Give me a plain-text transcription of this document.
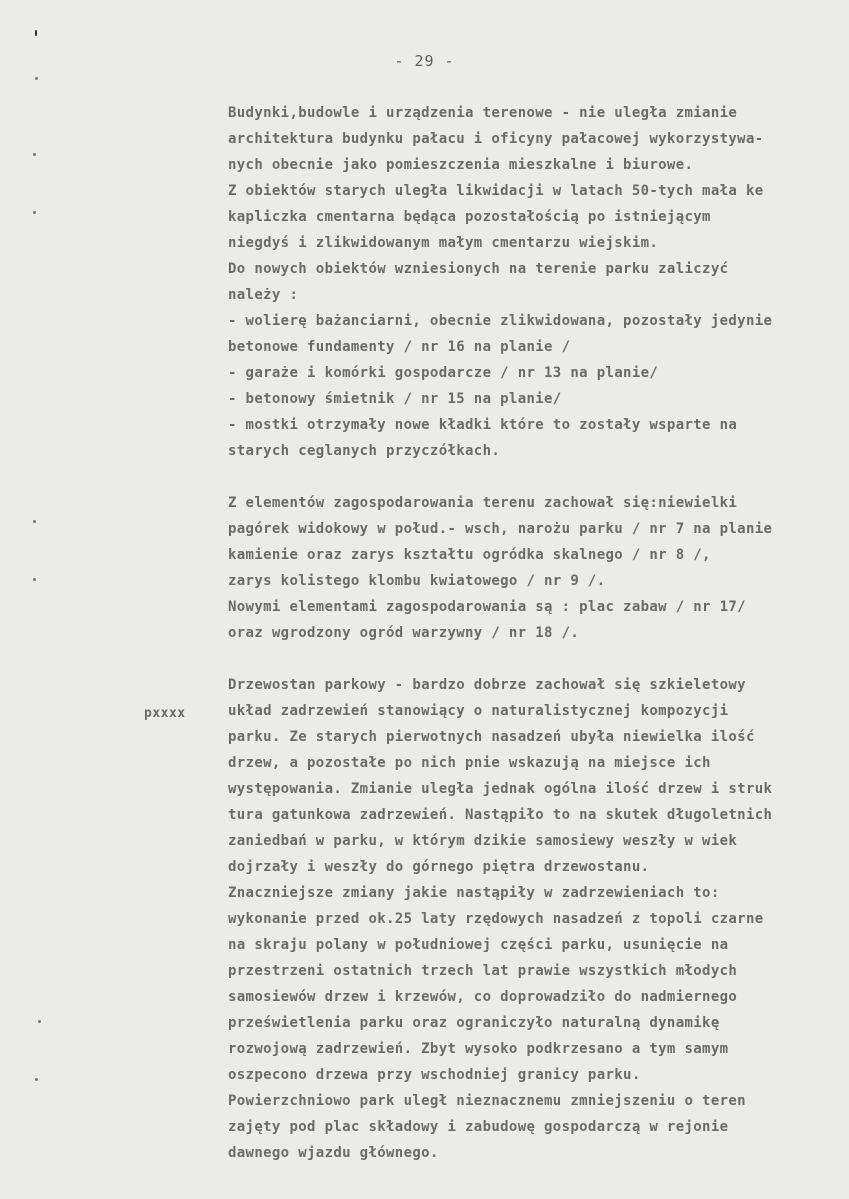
- 29 -
pxxxx
Budynki,budowle i urządzenia terenowe - nie uległa zmianie
architektura budynku pałacu i oficyny pałacowej wykorzystywa-
nych obecnie jako pomieszczenia mieszkalne i biurowe.
Z obiektów starych uległa likwidacji w latach 50-tych mała ke
kapliczka cmentarna będąca pozostałością po istniejącym
niegdyś i zlikwidowanym małym cmentarzu wiejskim.
Do nowych obiektów wzniesionych na terenie parku zaliczyć
należy :
- wolierę bażanciarni, obecnie zlikwidowana, pozostały jedynie
betonowe fundamenty / nr 16 na planie /
- garaże i komórki gospodarcze / nr 13 na planie/
- betonowy śmietnik / nr 15 na planie/
- mostki otrzymały nowe kładki które to zostały wsparte na
starych ceglanych przyczółkach.
Z elementów zagospodarowania terenu zachował się:niewielki
pagórek widokowy w połud.- wsch, narożu parku / nr 7 na planie
kamienie oraz zarys kształtu ogródka skalnego / nr 8 /,
zarys kolistego klombu kwiatowego / nr 9 /.
Nowymi elementami zagospodarowania są : plac zabaw / nr 17/
oraz wgrodzony ogród warzywny / nr 18 /.
Drzewostan parkowy - bardzo dobrze zachował się szkieletowy
układ zadrzewień stanowiący o naturalistycznej kompozycji
parku. Ze starych pierwotnych nasadzeń ubyła niewielka ilość
drzew, a pozostałe po nich pnie wskazują na miejsce ich
występowania. Zmianie uległa jednak ogólna ilość drzew i struk
tura gatunkowa zadrzewień. Nastąpiło to na skutek długoletnich
zaniedbań w parku, w którym dzikie samosiewy weszły w wiek
dojrzały i weszły do górnego piętra drzewostanu.
Znaczniejsze zmiany jakie nastąpiły w zadrzewieniach to:
wykonanie przed ok.25 laty rzędowych nasadzeń z topoli czarne
na skraju polany w południowej części parku, usunięcie na
przestrzeni ostatnich trzech lat prawie wszystkich młodych
samosiewów drzew i krzewów, co doprowadziło do nadmiernego
prześwietlenia parku oraz ograniczyło naturalną dynamikę
rozwojową zadrzewień. Zbyt wysoko podkrzesano a tym samym
oszpecono drzewa przy wschodniej granicy parku.
Powierzchniowo park uległ nieznacznemu zmniejszeniu o teren
zajęty pod plac składowy i zabudowę gospodarczą w rejonie
dawnego wjazdu głównego.
